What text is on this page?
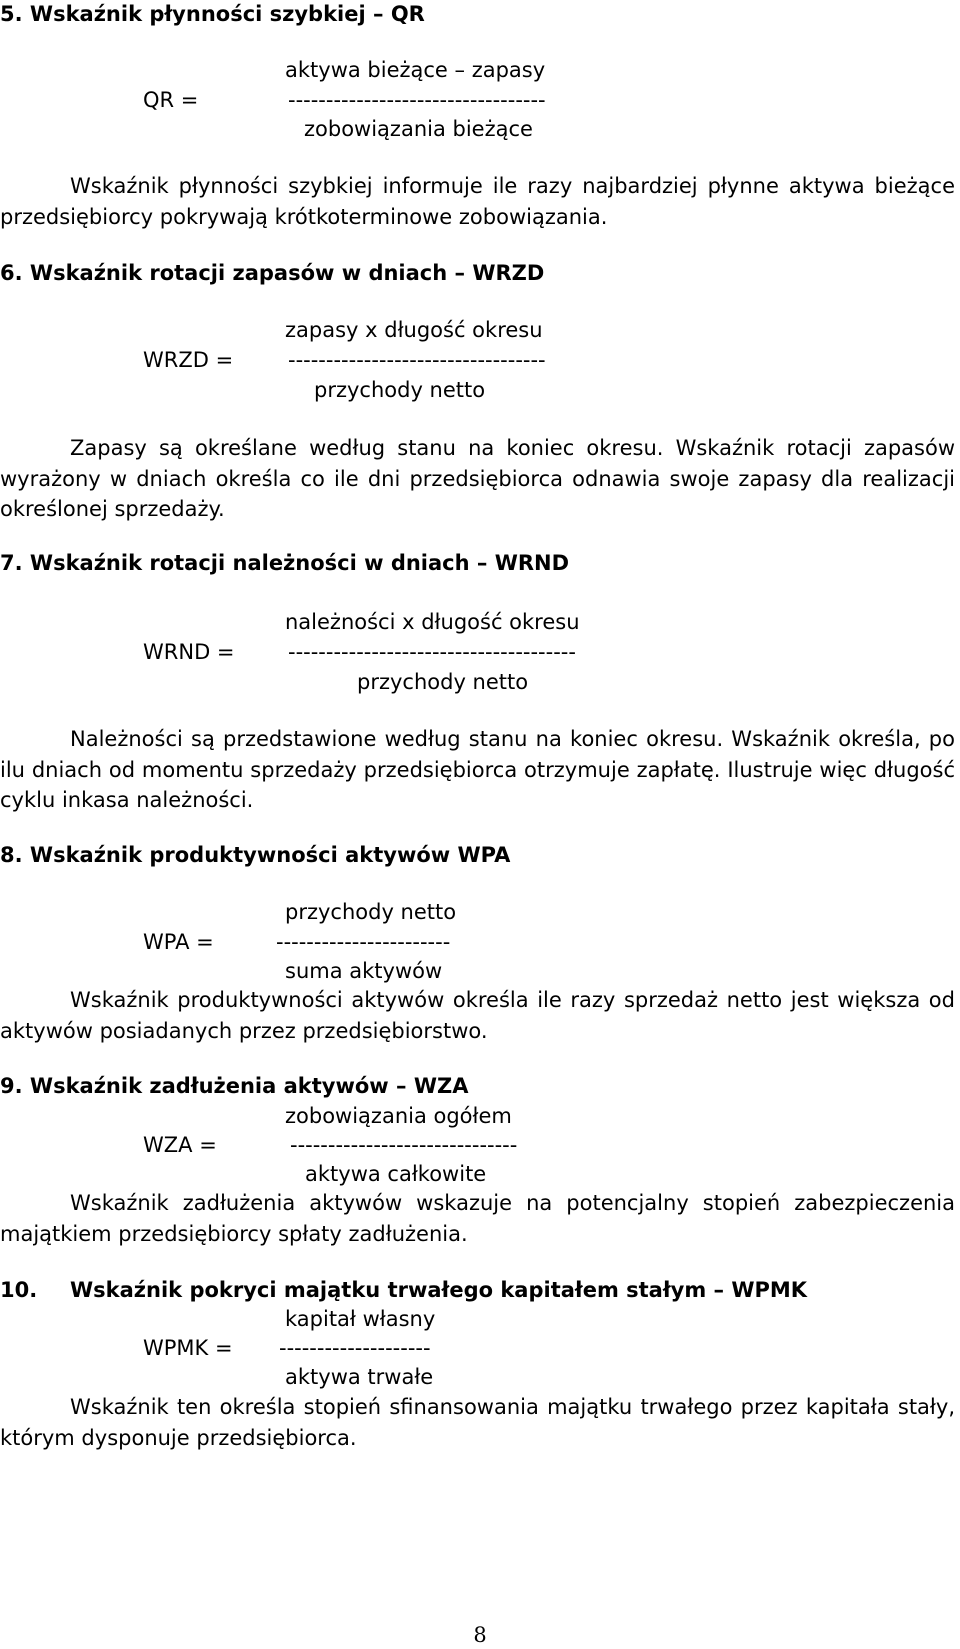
5. Wskaźnik płynności szybkiej – QR
aktywa bieżące – zapasy
QR =	----------------------------------
zobowiązania bieżące
Wskaźnik płynności szybkiej informuje ile razy najbardziej płynne aktywa bieżące przedsiębiorcy pokrywają krótkoterminowe zobowiązania.
6. Wskaźnik rotacji zapasów w dniach – WRZD
zapasy x długość okresu
WRZD =	----------------------------------
przychody netto
Zapasy są określane według stanu na koniec okresu. Wskaźnik rotacji zapasów wyrażony w dniach określa co ile dni przedsiębiorca odnawia swoje zapasy dla realizacji określonej sprzedaży.
7. Wskaźnik rotacji należności w dniach – WRND
należności x długość okresu
WRND =	--------------------------------------
przychody netto
Należności są przedstawione według stanu na koniec okresu. Wskaźnik określa, po ilu dniach od momentu sprzedaży przedsiębiorca otrzymuje zapłatę. Ilustruje więc długość cyklu inkasa należności.
8. Wskaźnik produktywności aktywów WPA
przychody netto
WPA =	-----------------------
suma aktywów
Wskaźnik produktywności aktywów określa ile razy sprzedaż netto jest większa od aktywów posiadanych przez przedsiębiorstwo.
9. Wskaźnik zadłużenia aktywów – WZA
zobowiązania ogółem
WZA =	------------------------------
aktywa całkowite
Wskaźnik zadłużenia aktywów wskazuje na potencjalny stopień zabezpieczenia majątkiem przedsiębiorcy spłaty zadłużenia.
10. Wskaźnik pokryci majątku trwałego kapitałem stałym – WPMK
kapitał własny
WPMK = --------------------
aktywa trwałe
Wskaźnik ten określa stopień sfinansowania majątku trwałego przez kapitała stały, którym dysponuje przedsiębiorca.
8
